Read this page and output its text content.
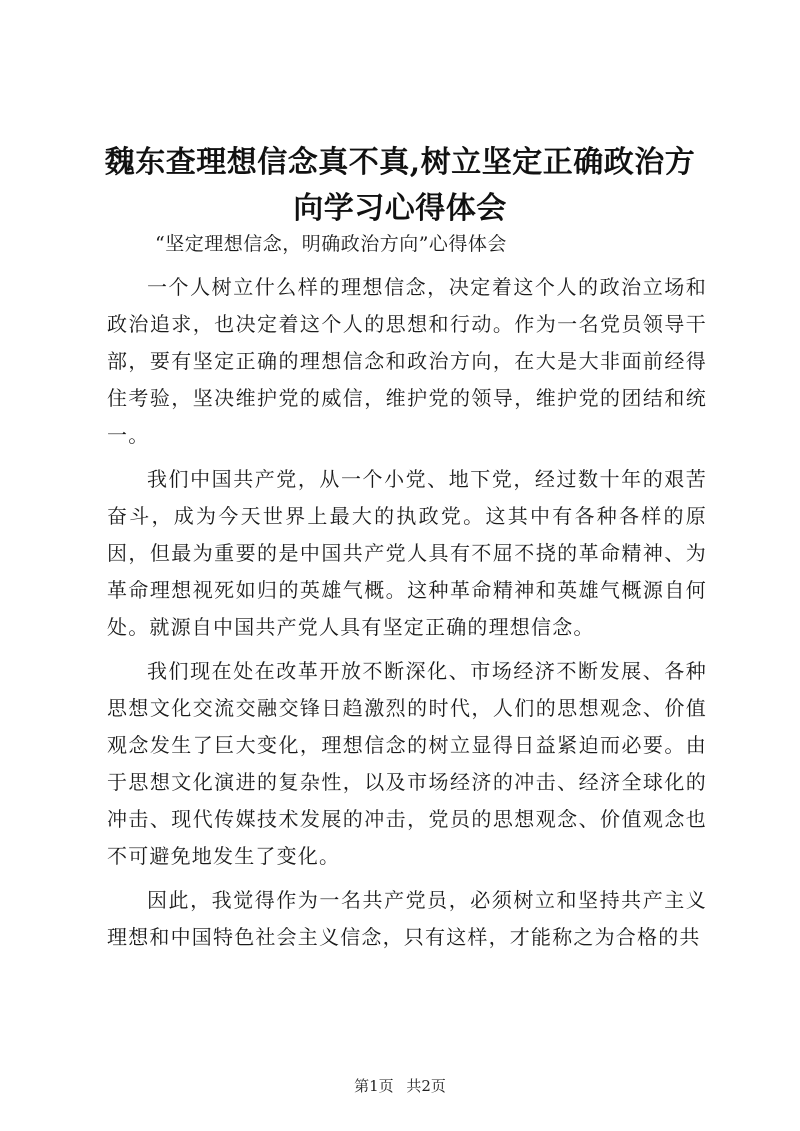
魏东查理想信念真不真,树立坚定正确政治方向学习心得体会

“坚定理想信念，明确政治方向”心得体会

一个人树立什么样的理想信念，决定着这个人的政治立场和政治追求，也决定着这个人的思想和行动。作为一名党员领导干部，要有坚定正确的理想信念和政治方向，在大是大非面前经得住考验，坚决维护党的威信，维护党的领导，维护党的团结和统一。

我们中国共产党，从一个小党、地下党，经过数十年的艰苦奋斗，成为今天世界上最大的执政党。这其中有各种各样的原因，但最为重要的是中国共产党人具有不屈不挠的革命精神、为革命理想视死如归的英雄气概。这种革命精神和英雄气概源自何处。就源自中国共产党人具有坚定正确的理想信念。

我们现在处在改革开放不断深化、市场经济不断发展、各种思想文化交流交融交锋日趋激烈的时代，人们的思想观念、价值观念发生了巨大变化，理想信念的树立显得日益紧迫而必要。由于思想文化演进的复杂性，以及市场经济的冲击、经济全球化的冲击、现代传媒技术发展的冲击，党员的思想观念、价值观念也不可避免地发生了变化。

因此，我觉得作为一名共产党员，必须树立和坚持共产主义理想和中国特色社会主义信念，只有这样，才能称之为合格的共

第1页 共2页
